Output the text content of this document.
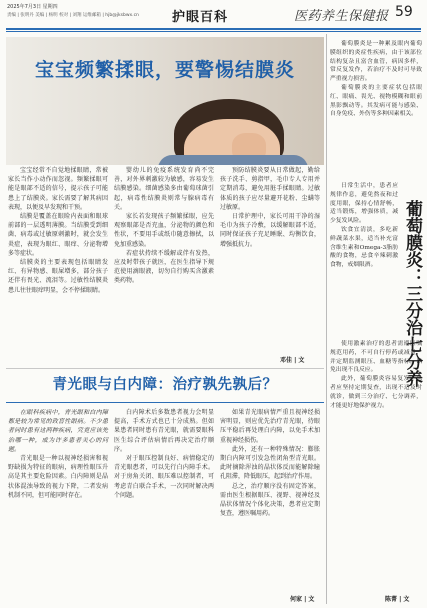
2025年7月3日 星期四
责编 | 张明丹 美编 | 杨明 校对 | 刘翔 运维邮箱 | hjb@jksbwx.cn	护眼百科	医药养生保健报 59
宝宝频繁揉眼，要警惕结膜炎

宝宝经常不自觉地揉眼睛，常被家长当作小动作而忽视。频繁揉眼可能是眼部不适的信号，提示孩子可能患上了结膜炎。家长需要了解其病因表现，以便及早发现和干预。

结膜是覆盖在眼睑内表面和眼球前部的一层透明薄膜。当结膜受到细菌、病毒或过敏原刺激时，就会发生炎症，表现为眼红、眼痒、分泌物增多等症状。

结膜炎的主要表现包括眼睛发红、有异物感、眼屎增多，部分孩子还伴有畏光、流泪等。过敏性结膜炎患儿往往眼痒明显，会不停揉眼睛。

婴幼儿的免疫系统发育尚不完善，对外界刺激较为敏感，容易发生结膜感染。细菌感染多由葡萄球菌引起，病毒性结膜炎则常与腺病毒有关。

家长若发现孩子频繁揉眼，应先观察眼部是否充血，分泌物的颜色和性状，不要用手或纸巾随意擦拭，以免加重感染。

若症状持续不缓解或伴有发热，应及时带孩子就医，在医生指导下规范使用滴眼液，切勿自行购买含激素类药物。

预防结膜炎要从日常做起，勤给孩子洗手、剪指甲，毛巾专人专用并定期消毒，避免用脏手揉眼睛。过敏体质的孩子应尽量避开花粉、尘螨等过敏原。

日常护理中，家长可用干净的湿毛巾为孩子冷敷，以缓解眼部不适，同时保证孩子充足睡眠、均衡饮食，增强抵抗力。

邓佳 | 文
青光眼与白内障：治疗孰先孰后？

在眼科疾病中，青光眼和白内障都是较为常见的致盲性眼病。不少患者同时患有这两种疾病，究竟应该先治哪一种，成为许多患者关心的问题。

青光眼是一种以视神经损害和视野缺损为特征的眼病，病理性眼压升高是其主要危险因素。白内障则是晶状体混浊导致的视力下降，二者发病机制不同，但可能同时存在。

白内障术后多数患者视力会明显提高，手术方式也已十分成熟。但如果患者同时患有青光眼，就需要眼科医生综合评估病情后再决定治疗顺序。

对于眼压控制良好、病情稳定的青光眼患者，可以先行白内障手术。对于房角关闭、眼压难以控制者，可考虑青白联合手术，一次同时解决两个问题。

如果青光眼病情严重且视神经损害明显，则应优先治疗青光眼，待眼压平稳后再处理白内障，以免手术加重视神经损伤。

此外，还有一种特殊情况：膨胀期白内障可引发急性闭角型青光眼。此时摘除浑浊的晶状体反而能解除瞳孔阻滞，降低眼压，起到治疗作用。

总之，治疗顺序没有固定答案，需由医生根据眼压、视野、视神经及晶状体情况个体化决策，患者应定期复查，遵医嘱用药。

何家 | 文

葡萄膜炎是一种累及眼内葡萄膜组织的炎症性疾病，由于该部位结构复杂且富含血管，病因多样，常反复发作，若治疗不及时可导致严重视力损害。

葡萄膜炎的主要症状包括眼红、眼痛、畏光、视物模糊和眼前黑影飘动等。其发病可能与感染、自身免疫、外伤等多种因素相关。

葡萄膜炎：三分治七分养

日常生活中，患者应规律作息，避免熬夜和过度用眼，保持心情舒畅，适当锻炼，增强体质，减少复发风险。

饮食宜清淡，多吃新鲜蔬菜水果，适当补充富含维生素和Omega-3脂肪酸的食物，忌食辛辣刺激食物，戒烟限酒。

使用激素治疗的患者需遵医嘱规范用药，不可自行停药或减量，并定期监测眼压、血糖等指标，以免出现不良反应。

此外，葡萄膜炎容易复发，患者应坚持定期复查，出现不适及时就诊，做到三分治疗、七分调养，才能更好地保护视力。

陈菁 | 文
